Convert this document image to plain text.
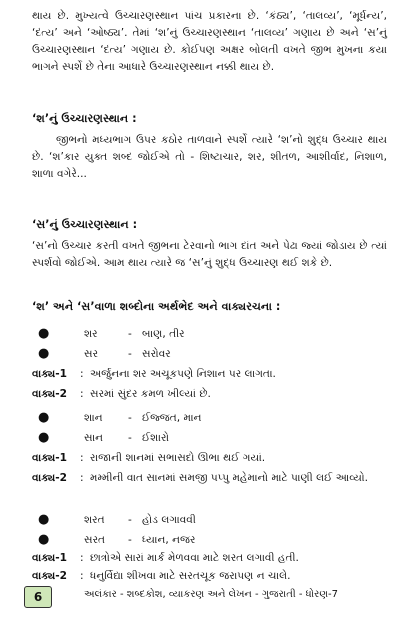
થાય છે. મુખ્યત્વે ઉચ્ચારણસ્થાન પાંચ પ્રકારના છે. ‘કંઠ્ય’, ‘તાલવ્ય’, ‘મૂર્ધન્ય’, ‘દંત્ય’ અને ‘ઓષ્ઠ્ય’. તેમાં ‘શ’નું ઉચ્ચારણસ્થાન ‘તાલવ્ય’ ગણાય છે અને ‘સ’નું ઉચ્ચારણસ્થાન ‘દંત્ય’ ગણાય છે. કોઈપણ અક્ષર બોલતી વખતે જીભ મુખના કયા ભાગને સ્પર્શે છે તેના આધારે ઉચ્ચારણસ્થાન નક્કી થાય છે.
‘શ’નું ઉચ્ચારણસ્થાન :
જીભનો મધ્યભાગ ઉપર કઠોર તાળવાને સ્પર્શે ત્યારે ‘શ’નો શુદ્ધ ઉચ્ચાર થાય છે. ‘શ’કાર યુક્ત શબ્દ જોઈએ તો - શિષ્ટાચાર, શર, શીતળ, આશીર્વાદ, નિશાળ, શાળા વગેરે...
‘સ’નું ઉચ્ચારણસ્થાન :
‘સ’નો ઉચ્ચાર કરતી વખતે જીભના ટેરવાનો ભાગ દાંત અને પેઢા જ્યાં જોડાય છે ત્યાં સ્પર્શવો જોઈએ. આમ થાય ત્યારે જ ‘સ’નું શુદ્ધ ઉચ્ચારણ થઈ શકે છે.
‘શ’ અને ‘સ’વાળા શબ્દોના અર્થભેદ અને વાક્યરચના :
●	શર	- બાણ, તીર
●	સર	- સરોવર
વાક્ય-1 : અર્જુનના શર અચૂકપણે નિશાન પર લાગતા.
વાક્ય-2 : સરમાં સુંદર કમળ ખીલ્યાં છે.
●	શાન - ઈજ્જત, માન
●	સાન - ઈશારો
વાક્ય-1 : રાજાની શાનમાં સભાસદો ઊભા થઈ ગયાં.
વાક્ય-2 : મમ્મીની વાત સાનમાં સમજી પપ્પુ મહેમાનો માટે પાણી લઈ આવ્યો.
●	શરત - હોડ લગાવવી
●	સરત - ધ્યાન, નજર
વાક્ય-1 : છાત્રોએ સારાં માર્ક મેળવવા માટે શરત લગાવી હતી.
વાક્ય-2 : ધનુર્વિદ્યા શીખવા માટે સરતચૂક જરાપણ ન ચાલે.
6	અલંકાર - શબ્દકોશ, વ્યાકરણ અને લેખન - ગુજરાતી - ધોરણ-7
